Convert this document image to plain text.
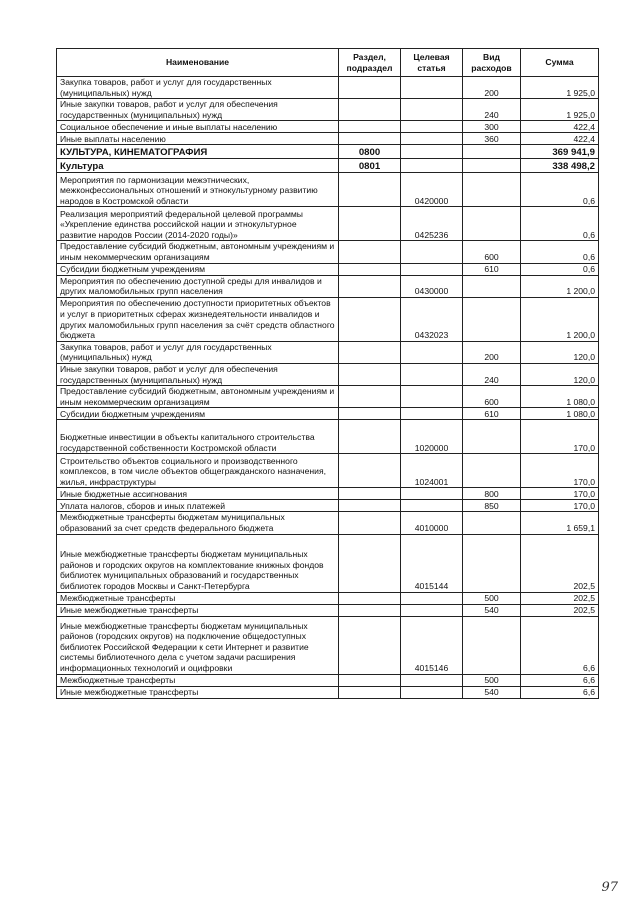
Наименование	Раздел, подраздел	Целевая статья	Вид расходов	Сумма
Закупка товаров, работ и услуг для государственных (муниципальных) нужд			200	1 925,0
Иные закупки товаров, работ и услуг для обеспечения государственных (муниципальных) нужд			240	1 925,0
Социальное обеспечение и иные выплаты населению			300	422,4
Иные выплаты населению			360	422,4
КУЛЬТУРА, КИНЕМАТОГРАФИЯ	0800			369 941,9
Культура	0801			338 498,2
Мероприятия по гармонизации межэтнических, межконфессиональных отношений и этнокультурному развитию народов в Костромской области		0420000		0,6
Реализация мероприятий федеральной целевой программы «Укрепление единства российской нации и этнокультурное развитие народов России (2014-2020 годы)»		0425236		0,6
Предоставление субсидий бюджетным, автономным учреждениям и иным некоммерческим организациям			600	0,6
Субсидии бюджетным учреждениям			610	0,6
Мероприятия по обеспечению доступной среды для инвалидов и других маломобильных групп населения		0430000		1 200,0
Мероприятия по обеспечению доступности приоритетных объектов и услуг в приоритетных сферах жизнедеятельности инвалидов и других маломобильных групп населения за счёт средств областного бюджета		0432023		1 200,0
Закупка товаров, работ и услуг для государственных (муниципальных) нужд			200	120,0
Иные закупки товаров, работ и услуг для обеспечения государственных (муниципальных) нужд			240	120,0
Предоставление субсидий бюджетным, автономным учреждениям и иным некоммерческим организациям			600	1 080,0
Субсидии бюджетным учреждениям			610	1 080,0
Бюджетные инвестиции в объекты капитального строительства государственной собственности Костромской области		1020000		170,0
Строительство объектов социального и производственного комплексов, в том числе объектов общегражданского назначения, жилья, инфраструктуры		1024001		170,0
Иные бюджетные ассигнования			800	170,0
Уплата налогов, сборов и иных платежей			850	170,0
Межбюджетные трансферты бюджетам муниципальных образований за счет средств федерального бюджета		4010000		1 659,1
Иные межбюджетные трансферты бюджетам муниципальных районов и городских округов на комплектование книжных фондов библиотек муниципальных образований и государственных библиотек городов Москвы и Санкт-Петербурга		4015144		202,5
Межбюджетные трансферты			500	202,5
Иные межбюджетные трансферты			540	202,5
Иные межбюджетные трансферты бюджетам муниципальных районов (городских округов) на подключение общедоступных библиотек Российской Федерации к сети Интернет и развитие системы библиотечного дела с учетом задачи расширения информационных технологий и оцифровки		4015146		6,6
Межбюджетные трансферты			500	6,6
Иные межбюджетные трансферты			540	6,6
97
